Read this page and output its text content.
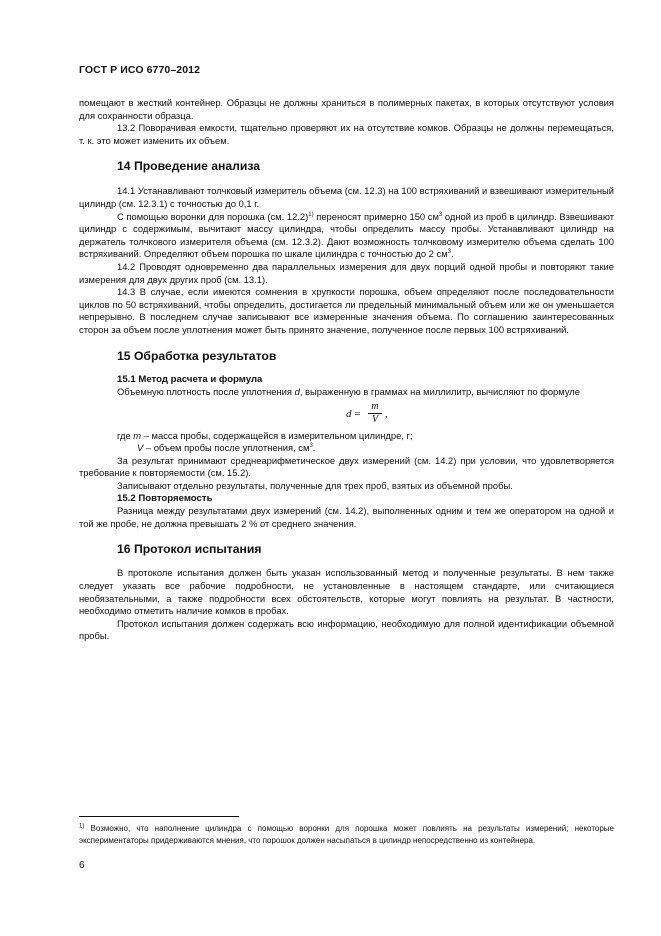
ГОСТ Р ИСО 6770–2012

помещают в жесткий контейнер. Образцы не должны храниться в полимерных пакетах, в которых отсутствуют условия для сохранности образца.

13.2 Поворачивая емкости, тщательно проверяют их на отсутствие комков. Образцы не должны перемещаться, т. к. это может изменить их объем.

14 Проведение анализа

14.1 Устанавливают толчковый измеритель объема (см. 12.3) на 100 встряхиваний и взвешивают измерительный цилиндр (см. 12.3.1) с точностью до 0,1 г.

С помощью воронки для порошка (см. 12.2)$^{1)}$ переносят примерно 150 $см^3$ одной из проб в цилиндр. Взвешивают цилиндр с содержимым, вычитают массу цилиндра, чтобы определить массу пробы. Устанавливают цилиндр на держатель толчкового измерителя объема (см. 12.3.2). Дают возможность толчковому измерителю объема сделать 100 встряхиваний. Определяют объем порошка по шкале цилиндра с точностью до 2 $см^3$.

14.2 Проводят одновременно два параллельных измерения для двух порций одной пробы и повторяют такие измерения для двух других проб (см. 13.1).

14.3 В случае, если имеются сомнения в хрупкости порошка, объем определяют после последовательности циклов по 50 встряхиваний, чтобы определить, достигается ли предельный минимальный объем или же он уменьшается непрерывно. В последнем случае записывают все измеренные значения объема. По соглашению заинтересованных сторон за объем после уплотнения может быть принято значение, полученное после первых 100 встряхиваний.

15 Обработка результатов
15.1 Метод расчета и формула

Объемную плотность после уплотнения d, выраженную в граммах на миллилитр, вычисляют по формуле

$d = \frac{m}{V}$ ,

где m – масса пробы, содержащейся в измерительном цилиндре, г;

V – объем пробы после уплотнения, $см^3$.

За результат принимают среднеарифметическое двух измерений (см. 14.2) при условии, что удовлетворяется требование к повторяемости (см. 15.2).

Записывают отдельно результаты, полученные для трех проб, взятых из объемной пробы.

15.2 Повторяемость

Разница между результатами двух измерений (см. 14.2), выполненных одним и тем же оператором на одной и той же пробе, не должна превышать 2 % от среднего значения.

16 Протокол испытания

В протоколе испытания должен быть указан использованный метод и полученные результаты. В нем также следует указать все рабочие подробности, не установленные в настоящем стандарте, или считающиеся необязательными, а также подробности всех обстоятельств, которые могут повлиять на результат. В частности, необходимо отметить наличие комков в пробах.

Протокол испытания должен содержать всю информацию, необходимую для полной идентификации объемной пробы.

$^{1)}$ Возможно, что наполнение цилиндра с помощью воронки для порошка может повлиять на результаты измерений; некоторые экспериментаторы придерживаются мнения, что порошок должен насыпаться в цилиндр непосредственно из контейнера.
6
